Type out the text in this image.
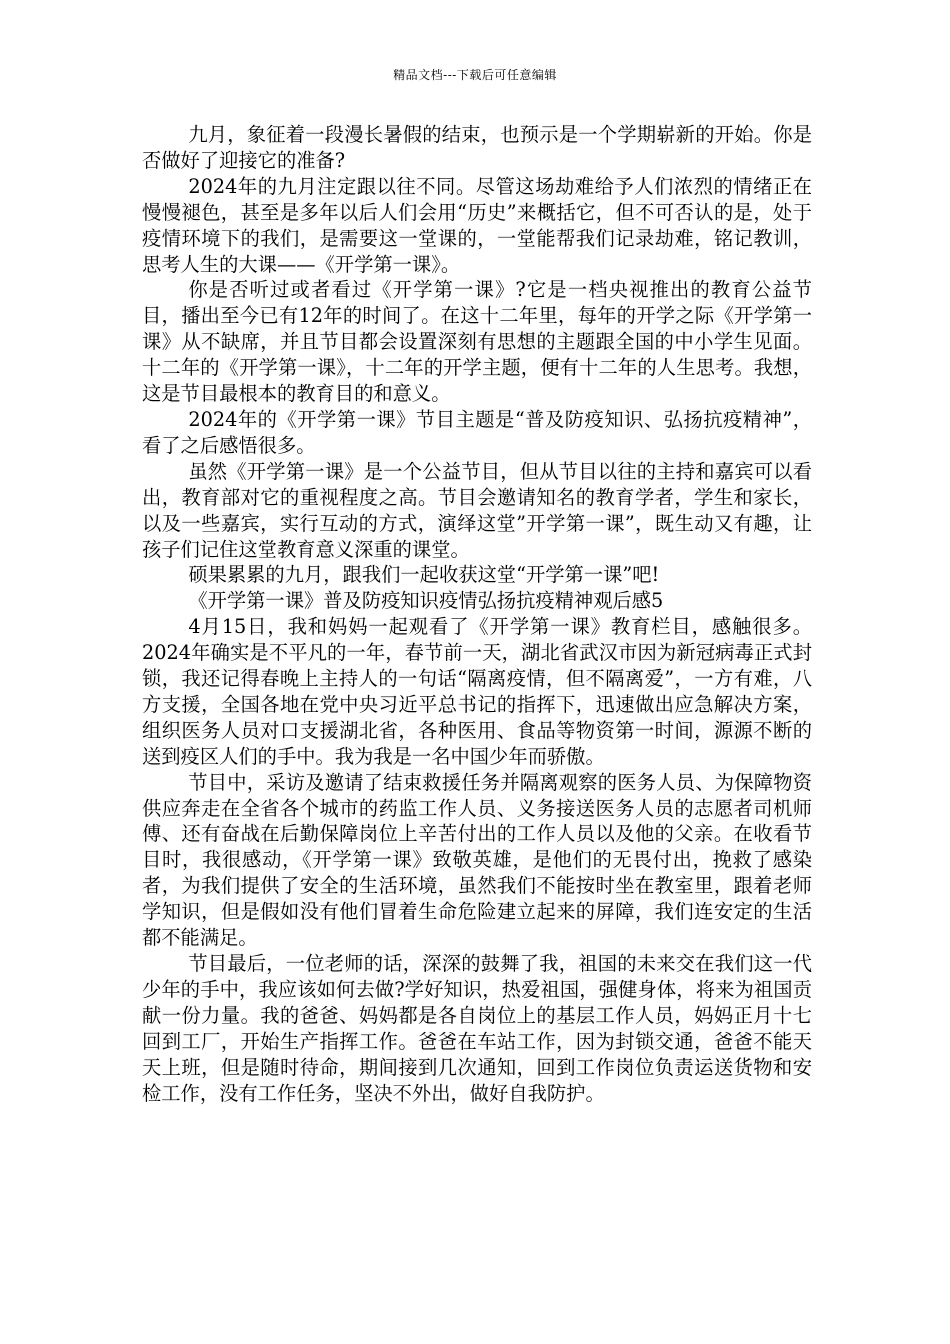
精品文档---下载后可任意编辑

九月，象征着一段漫长暑假的结束，也预示是一个学期崭新的开始。你是否做好了迎接它的准备?

2024年的九月注定跟以往不同。尽管这场劫难给予人们浓烈的情绪正在慢慢褪色，甚至是多年以后人们会用“历史”来概括它，但不可否认的是，处于疫情环境下的我们，是需要这一堂课的，一堂能帮我们记录劫难，铭记教训，思考人生的大课——《开学第一课》。

你是否听过或者看过《开学第一课》?它是一档央视推出的教育公益节目，播出至今已有12年的时间了。在这十二年里，每年的开学之际《开学第一课》从不缺席，并且节目都会设置深刻有思想的主题跟全国的中小学生见面。十二年的《开学第一课》，十二年的开学主题，便有十二年的人生思考。我想，这是节目最根本的教育目的和意义。

2024年的《开学第一课》节目主题是“普及防疫知识、弘扬抗疫精神”，看了之后感悟很多。

虽然《开学第一课》是一个公益节目，但从节目以往的主持和嘉宾可以看出，教育部对它的重视程度之高。节目会邀请知名的教育学者，学生和家长，以及一些嘉宾，实行互动的方式，演绎这堂”开学第一课”，既生动又有趣，让孩子们记住这堂教育意义深重的课堂。

硕果累累的九月，跟我们一起收获这堂“开学第一课”吧!

《开学第一课》普及防疫知识疫情弘扬抗疫精神观后感5

4月15日，我和妈妈一起观看了《开学第一课》教育栏目，感触很多。2024年确实是不平凡的一年，春节前一天，湖北省武汉市因为新冠病毒正式封锁，我还记得春晚上主持人的一句话“隔离疫情，但不隔离爱”，一方有难，八方支援，全国各地在党中央习近平总书记的指挥下，迅速做出应急解决方案，组织医务人员对口支援湖北省，各种医用、食品等物资第一时间，源源不断的送到疫区人们的手中。我为我是一名中国少年而骄傲。

节目中，采访及邀请了结束救援任务并隔离观察的医务人员、为保障物资供应奔走在全省各个城市的药监工作人员、义务接送医务人员的志愿者司机师傅、还有奋战在后勤保障岗位上辛苦付出的工作人员以及他的父亲。在收看节目时，我很感动，《开学第一课》致敬英雄，是他们的无畏付出，挽救了感染者，为我们提供了安全的生活环境，虽然我们不能按时坐在教室里，跟着老师学知识，但是假如没有他们冒着生命危险建立起来的屏障，我们连安定的生活都不能满足。

节目最后，一位老师的话，深深的鼓舞了我，祖国的未来交在我们这一代少年的手中，我应该如何去做?学好知识，热爱祖国，强健身体，将来为祖国贡献一份力量。我的爸爸、妈妈都是各自岗位上的基层工作人员，妈妈正月十七回到工厂，开始生产指挥工作。爸爸在车站工作，因为封锁交通，爸爸不能天天上班，但是随时待命，期间接到几次通知，回到工作岗位负责运送货物和安检工作，没有工作任务，坚决不外出，做好自我防护。
